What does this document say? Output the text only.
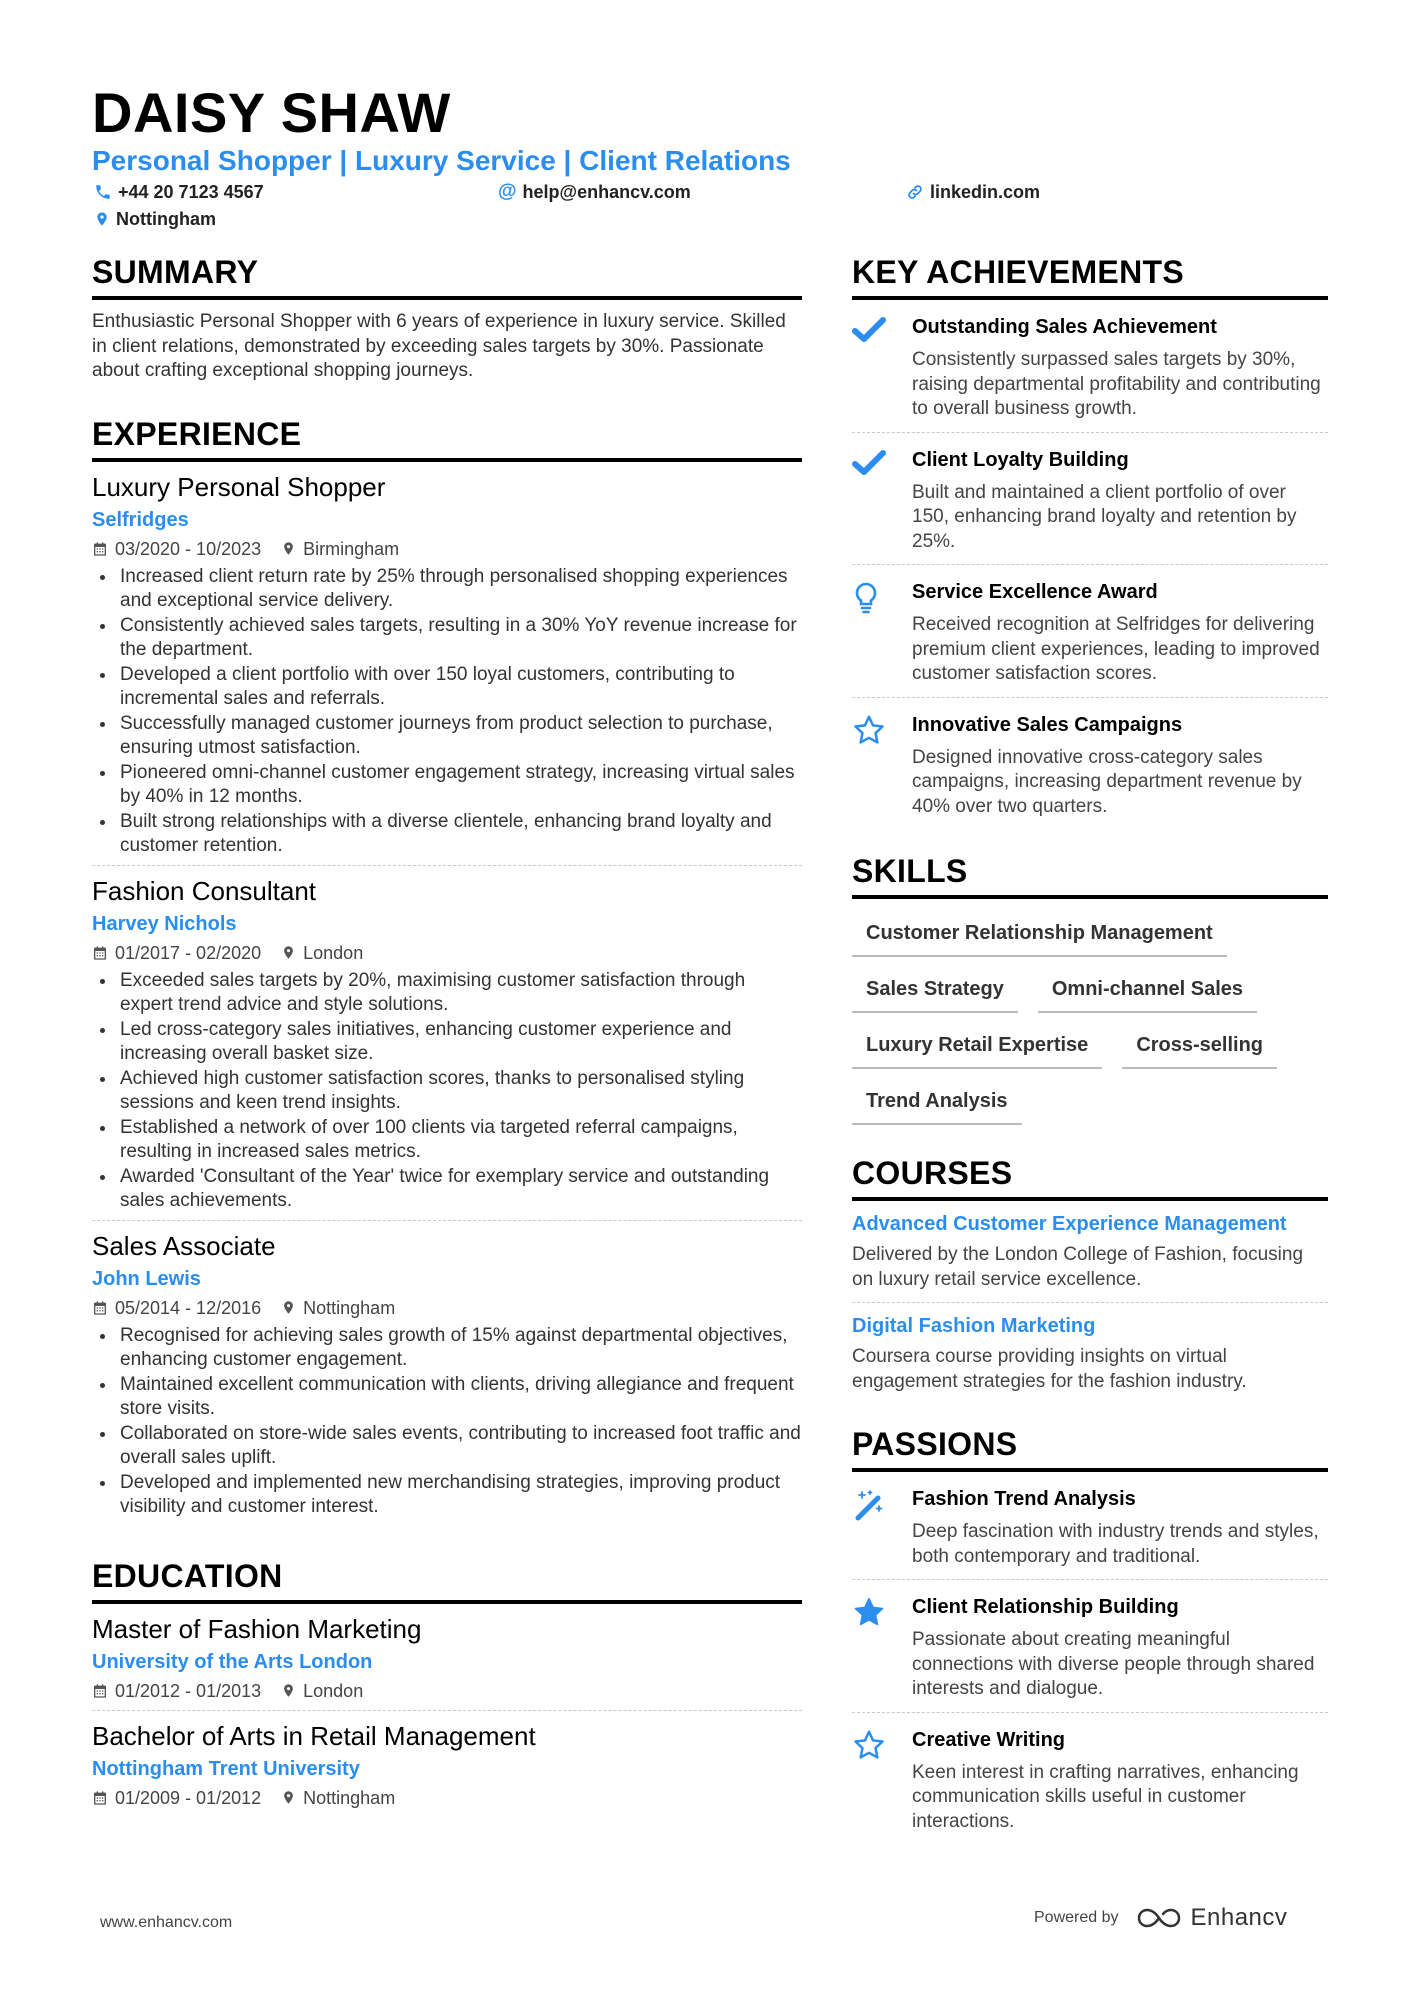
DAISY SHAW
Personal Shopper | Luxury Service | Client Relations
+44 20 7123 4567	@ help@enhancv.com	linkedin.com
Nottingham
SUMMARY
Enthusiastic Personal Shopper with 6 years of experience in luxury service. Skilled in client relations, demonstrated by exceeding sales targets by 30%. Passionate about crafting exceptional shopping journeys.
EXPERIENCE
Luxury Personal Shopper
Selfridges
03/2020 - 10/2023 Birmingham
Increased client return rate by 25% through personalised shopping experiences and exceptional service delivery.
Consistently achieved sales targets, resulting in a 30% YoY revenue increase for the department.
Developed a client portfolio with over 150 loyal customers, contributing to incremental sales and referrals.
Successfully managed customer journeys from product selection to purchase, ensuring utmost satisfaction.
Pioneered omni-channel customer engagement strategy, increasing virtual sales by 40% in 12 months.
Built strong relationships with a diverse clientele, enhancing brand loyalty and customer retention.
Fashion Consultant
Harvey Nichols
01/2017 - 02/2020 London
Exceeded sales targets by 20%, maximising customer satisfaction through expert trend advice and style solutions.
Led cross-category sales initiatives, enhancing customer experience and increasing overall basket size.
Achieved high customer satisfaction scores, thanks to personalised styling sessions and keen trend insights.
Established a network of over 100 clients via targeted referral campaigns, resulting in increased sales metrics.
Awarded 'Consultant of the Year' twice for exemplary service and outstanding sales achievements.
Sales Associate
John Lewis
05/2014 - 12/2016 Nottingham
Recognised for achieving sales growth of 15% against departmental objectives, enhancing customer engagement.
Maintained excellent communication with clients, driving allegiance and frequent store visits.
Collaborated on store-wide sales events, contributing to increased foot traffic and overall sales uplift.
Developed and implemented new merchandising strategies, improving product visibility and customer interest.
EDUCATION
Master of Fashion Marketing
University of the Arts London
01/2012 - 01/2013 London
Bachelor of Arts in Retail Management
Nottingham Trent University
01/2009 - 01/2012 Nottingham
KEY ACHIEVEMENTS
Outstanding Sales Achievement
Consistently surpassed sales targets by 30%, raising departmental profitability and contributing to overall business growth.
Client Loyalty Building
Built and maintained a client portfolio of over 150, enhancing brand loyalty and retention by 25%.
Service Excellence Award
Received recognition at Selfridges for delivering premium client experiences, leading to improved customer satisfaction scores.
Innovative Sales Campaigns
Designed innovative cross-category sales campaigns, increasing department revenue by 40% over two quarters.
SKILLS
Customer Relationship Management
Sales Strategy	Omni-channel Sales
Luxury Retail Expertise	Cross-selling
Trend Analysis
COURSES
Advanced Customer Experience Management
Delivered by the London College of Fashion, focusing on luxury retail service excellence.
Digital Fashion Marketing
Coursera course providing insights on virtual engagement strategies for the fashion industry.
PASSIONS
Fashion Trend Analysis
Deep fascination with industry trends and styles, both contemporary and traditional.
Client Relationship Building
Passionate about creating meaningful connections with diverse people through shared interests and dialogue.
Creative Writing
Keen interest in crafting narratives, enhancing communication skills useful in customer interactions.
www.enhancv.com	Powered by	Enhancv
